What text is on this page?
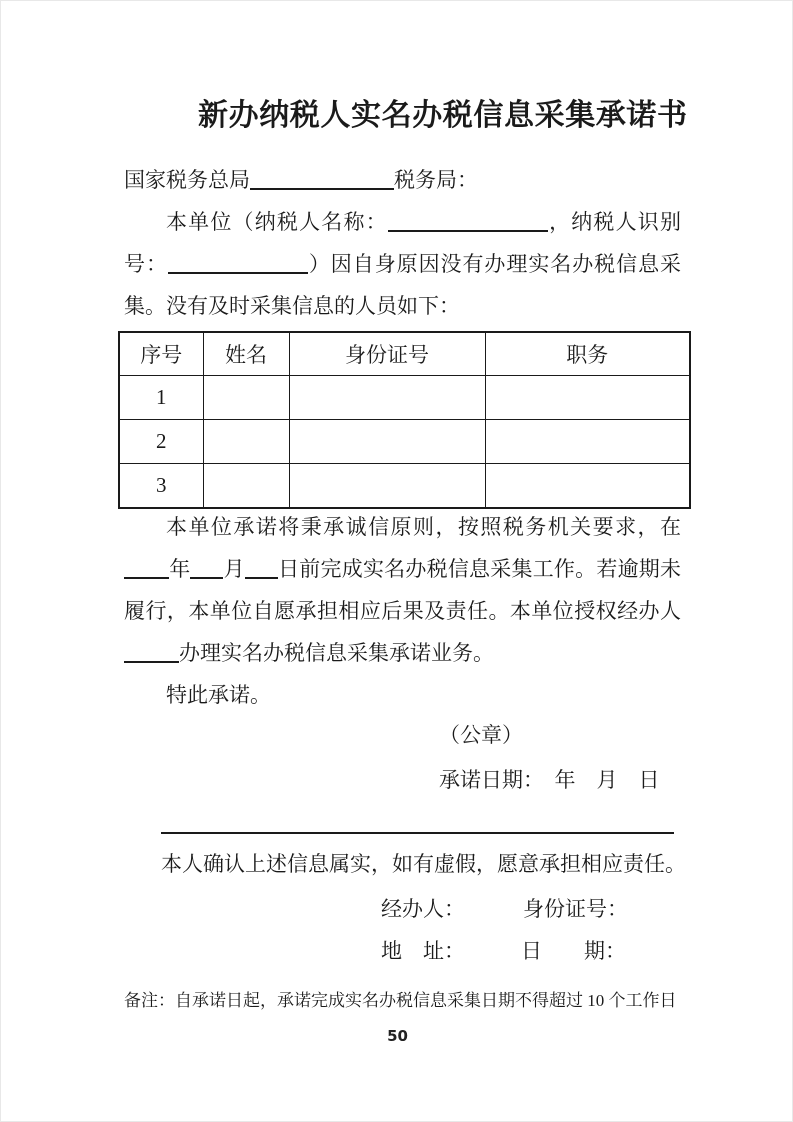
新办纳税人实名办税信息采集承诺书
国家税务总局	税务局：
本单位（纳税人名称：	，纳税人识别
号：	）因自身原因没有办理实名办税信息采
集。没有及时采集信息的人员如下：
序号	姓名	身份证号	职务
1			
2			
3			
本单位承诺将秉承诚信原则，按照税务机关要求，在
年 月 日前完成实名办税信息采集工作。若逾期未
履行，本单位自愿承担相应后果及责任。本单位授权经办人
办理实名办税信息采集承诺业务。
特此承诺。
（公章）
承诺日期：　年　月　日
本人确认上述信息属实，如有虚假，愿意承担相应责任。
经办人：	身份证号：
地　址：	日　　期：
备注：自承诺日起，承诺完成实名办税信息采集日期不得超过 10 个工作日
50
